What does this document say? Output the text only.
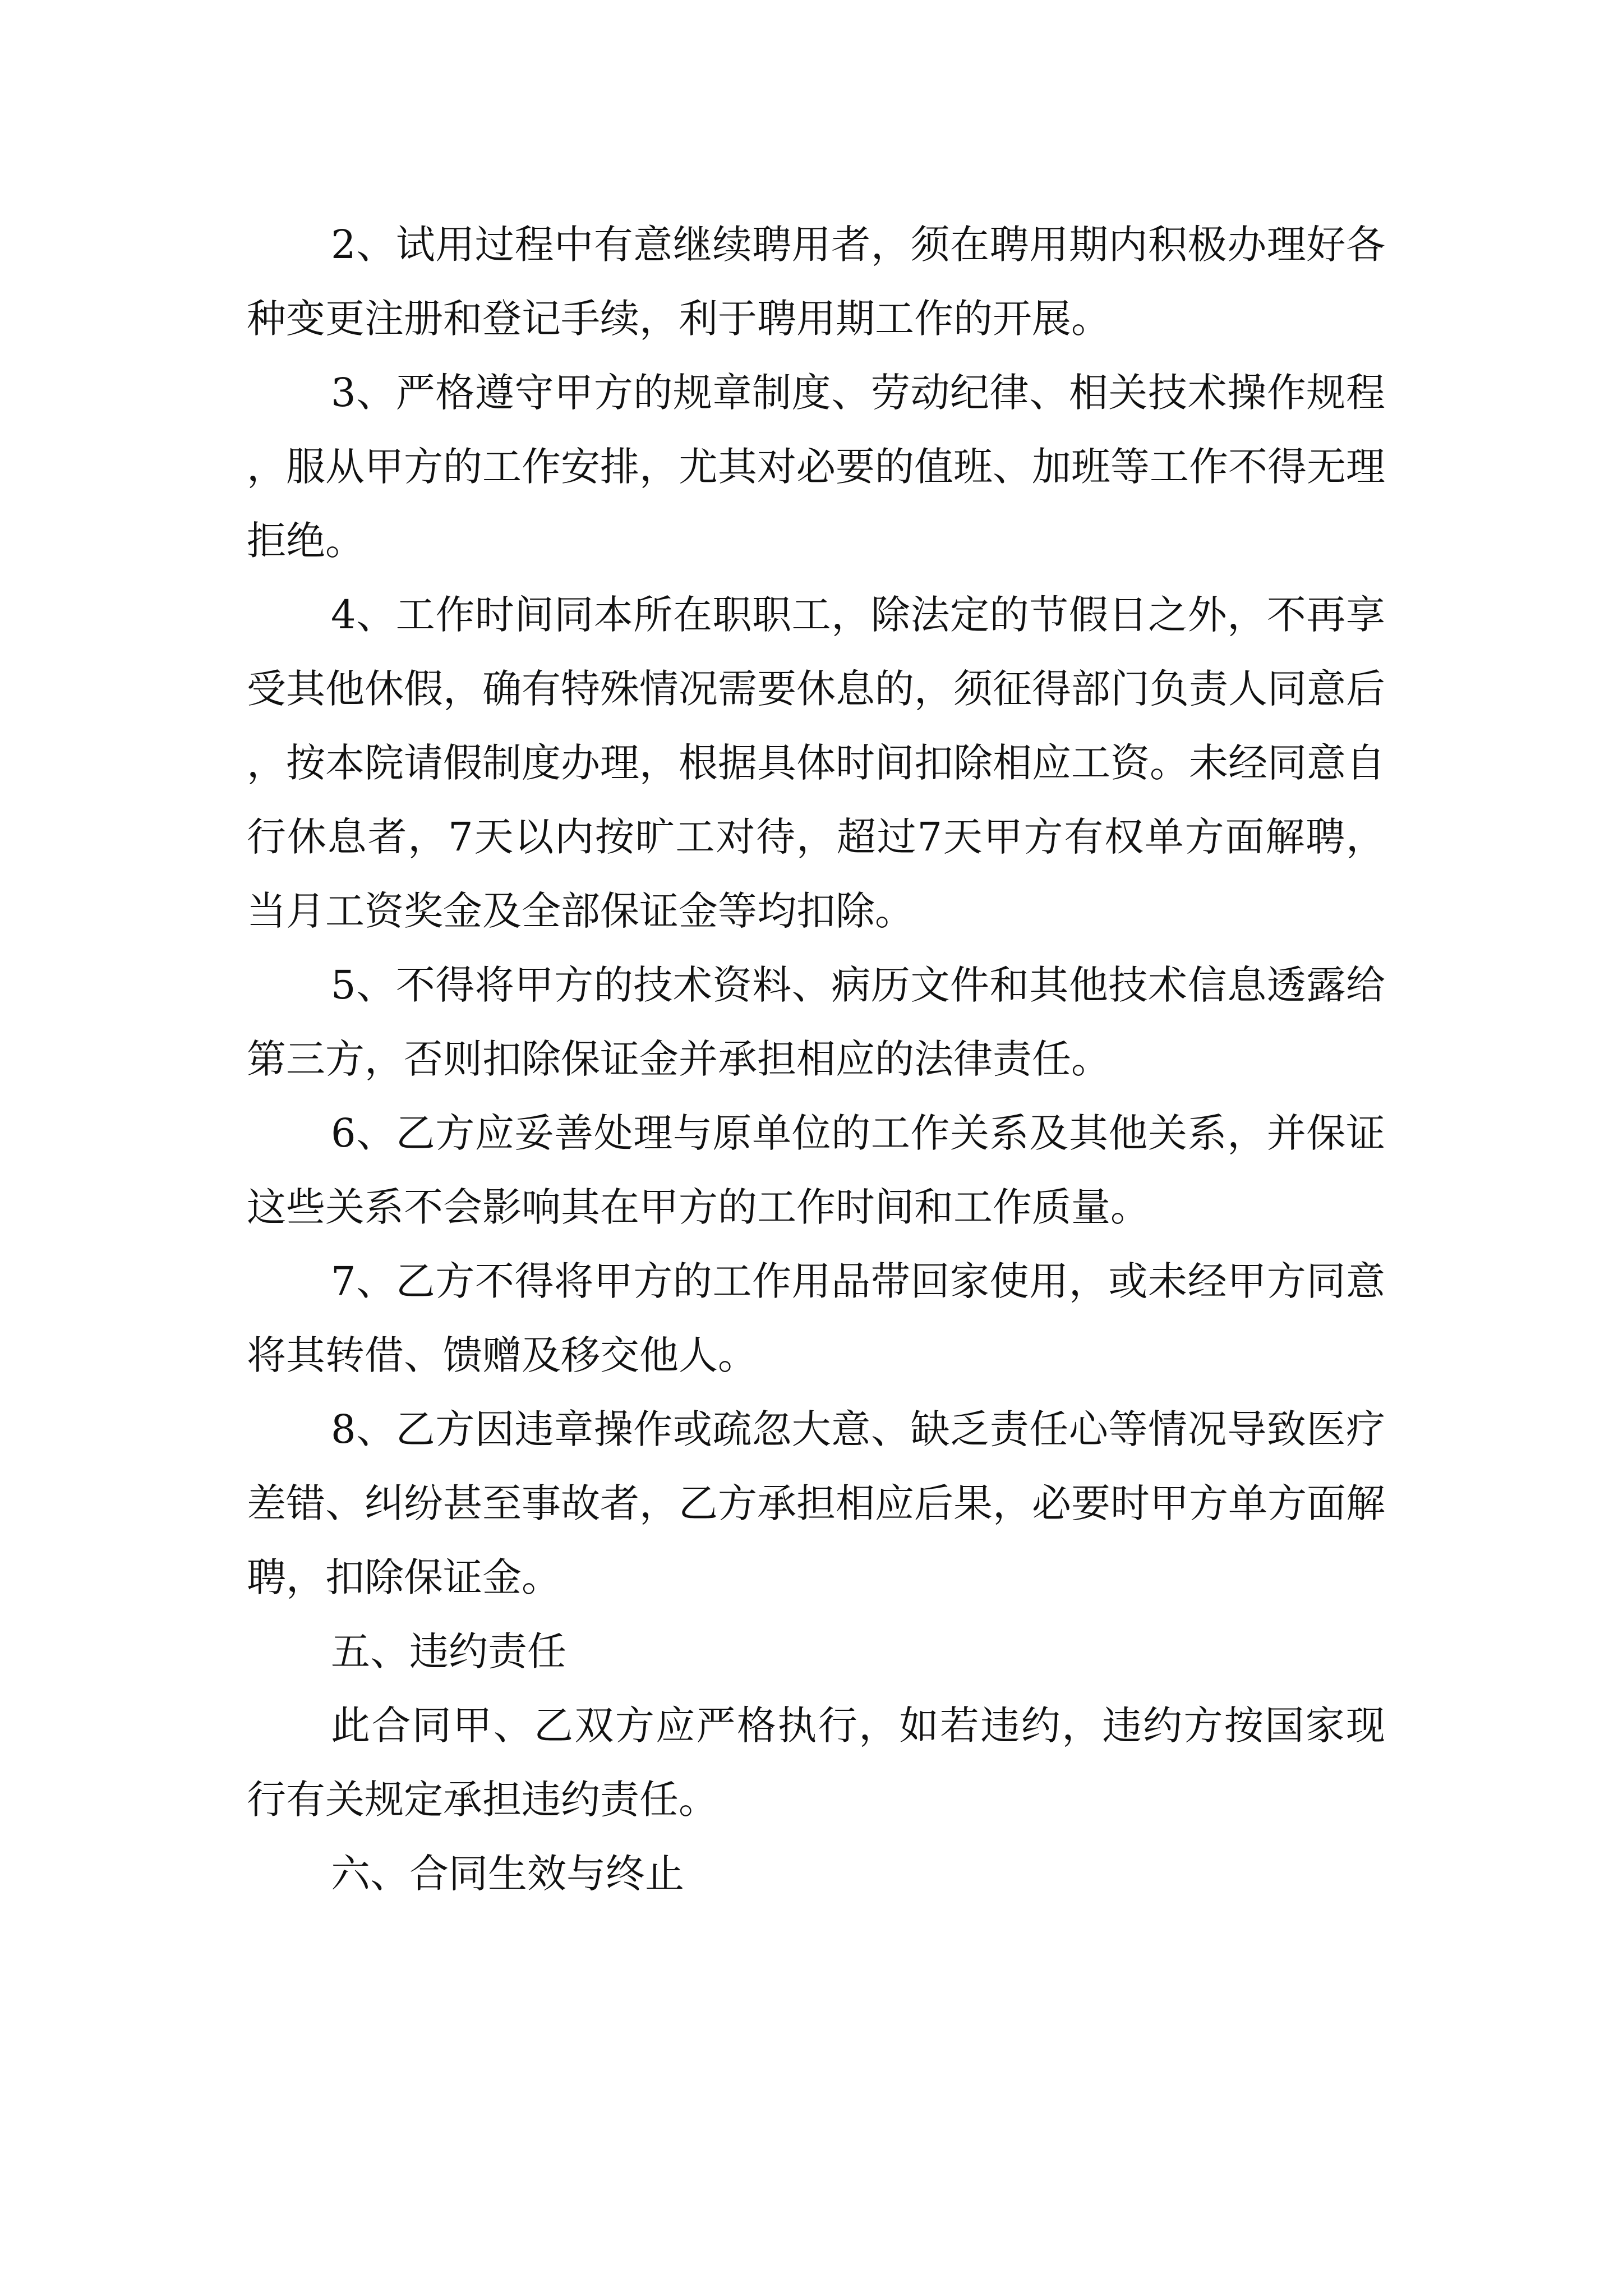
2、试用过程中有意继续聘用者，须在聘用期内积极办理好各种变更注册和登记手续，利于聘用期工作的开展。

3、严格遵守甲方的规章制度、劳动纪律、相关技术操作规程，服从甲方的工作安排，尤其对必要的值班、加班等工作不得无理拒绝。

4、工作时间同本所在职职工，除法定的节假日之外，不再享受其他休假，确有特殊情况需要休息的，须征得部门负责人同意后，按本院请假制度办理，根据具体时间扣除相应工资。未经同意自行休息者，7天以内按旷工对待，超过7天甲方有权单方面解聘，当月工资奖金及全部保证金等均扣除。

5、不得将甲方的技术资料、病历文件和其他技术信息透露给第三方，否则扣除保证金并承担相应的法律责任。

6、乙方应妥善处理与原单位的工作关系及其他关系，并保证这些关系不会影响其在甲方的工作时间和工作质量。

7、乙方不得将甲方的工作用品带回家使用，或未经甲方同意将其转借、馈赠及移交他人。

8、乙方因违章操作或疏忽大意、缺乏责任心等情况导致医疗差错、纠纷甚至事故者，乙方承担相应后果，必要时甲方单方面解聘，扣除保证金。

五、违约责任

此合同甲、乙双方应严格执行，如若违约，违约方按国家现行有关规定承担违约责任。

六、合同生效与终止
